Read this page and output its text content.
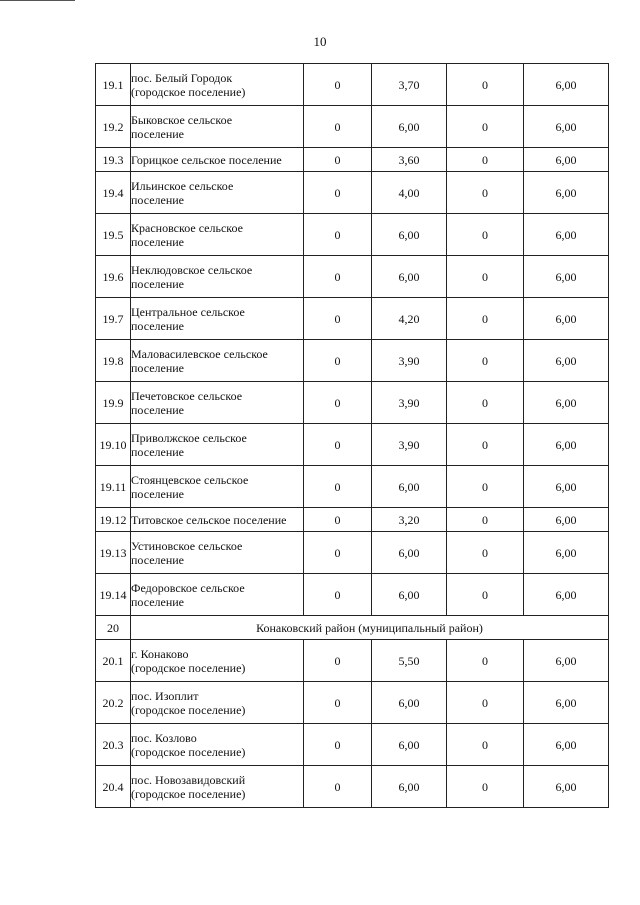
10
19.1	пос. Белый Городок
(городское поселение)	0	3,70	0	6,00
19.2	Быковское сельское
поселение	0	6,00	0	6,00
19.3	Горицкое сельское поселение	0	3,60	0	6,00
19.4	Ильинское сельское
поселение	0	4,00	0	6,00
19.5	Красновское сельское
поселение	0	6,00	0	6,00
19.6	Неклюдовское сельское
поселение	0	6,00	0	6,00
19.7	Центральное сельское
поселение	0	4,20	0	6,00
19.8	Маловасилевское сельское
поселение	0	3,90	0	6,00
19.9	Печетовское сельское
поселение	0	3,90	0	6,00
19.10	Приволжское сельское
поселение	0	3,90	0	6,00
19.11	Стоянцевское сельское
поселение	0	6,00	0	6,00
19.12	Титовское сельское поселение	0	3,20	0	6,00
19.13	Устиновское сельское
поселение	0	6,00	0	6,00
19.14	Федоровское сельское
поселение	0	6,00	0	6,00
20	Конаковский район (муниципальный район)				
20.1	г. Конаково
(городское поселение)	0	5,50	0	6,00
20.2	пос. Изоплит
(городское поселение)	0	6,00	0	6,00
20.3	пос. Козлово
(городское поселение)	0	6,00	0	6,00
20.4	пос. Новозавидовский
(городское поселение)	0	6,00	0	6,00
